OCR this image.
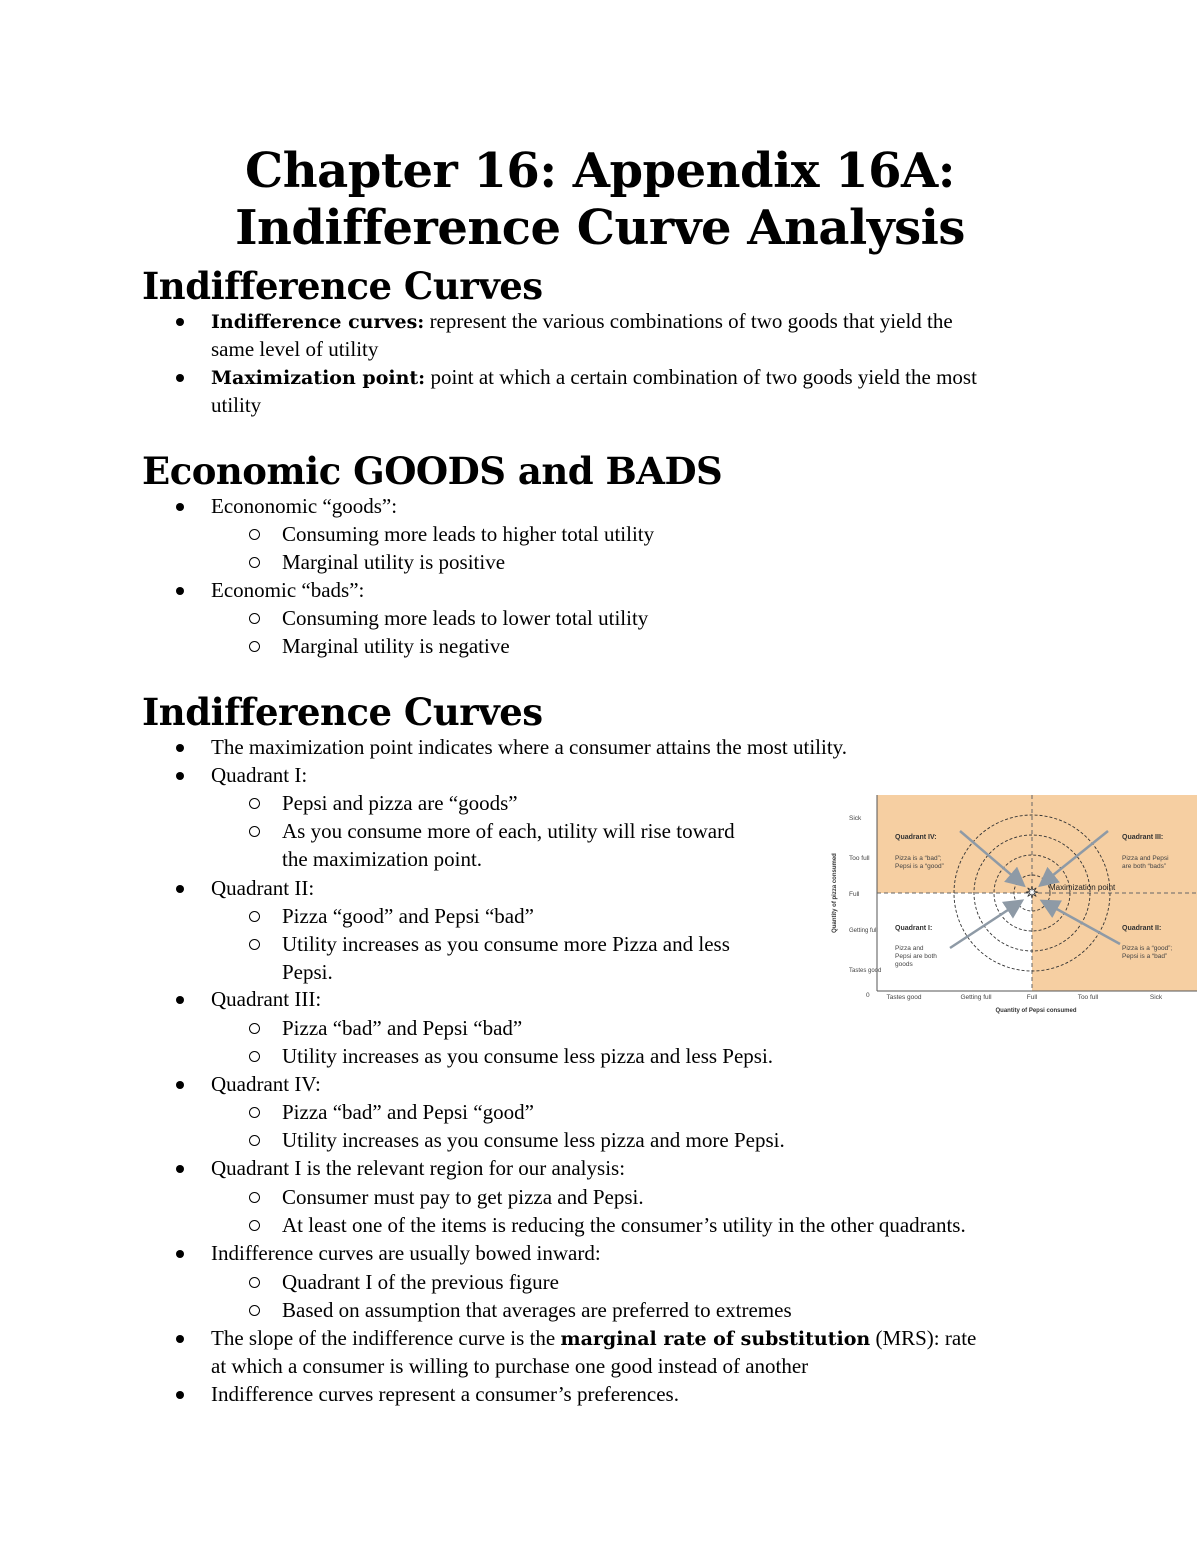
Chapter 16: Appendix 16A:
Indifference Curve Analysis
Indifference Curves
Indifference curves: represent the various combinations of two goods that yield the
same level of utility
Maximization point: point at which a certain combination of two goods yield the most
utility
Economic GOODS and BADS
Econonomic “goods”:
Consuming more leads to higher total utility
Marginal utility is positive
Economic “bads”:
Consuming more leads to lower total utility
Marginal utility is negative
Indifference Curves
The maximization point indicates where a consumer attains the most utility.
Quadrant I:
Pepsi and pizza are “goods”
As you consume more of each, utility will rise toward
the maximization point.
Quadrant II:
Pizza “good” and Pepsi “bad”
Utility increases as you consume more Pizza and less
Pepsi.
Quadrant III:
Pizza “bad” and Pepsi “bad”
Utility increases as you consume less pizza and less Pepsi.
Quadrant IV:
Pizza “bad” and Pepsi “good”
Utility increases as you consume less pizza and more Pepsi.
Quadrant I is the relevant region for our analysis:
Consumer must pay to get pizza and Pepsi.
At least one of the items is reducing the consumer’s utility in the other quadrants.
Indifference curves are usually bowed inward:
Quadrant I of the previous figure
Based on assumption that averages are preferred to extremes
The slope of the indifference curve is the marginal rate of substitution (MRS): rate
at which a consumer is willing to purchase one good instead of another
Indifference curves represent a consumer’s preferences.
✷ Maximization point
Quadrant IV:
Pizza is a “bad”;
Pepsi is a “good”
Quadrant III:
Pizza and Pepsi
are both “bads”
Quadrant I:
Pizza and
Pepsi are both
goods
Quadrant II:
Pizza is a “good”;
Pepsi is a “bad”
Sick
Too full
Full
Getting full
Tastes good
0
Quantity of pizza consumed
Tastes good	Getting full	Full	Too full	Sick
Quantity of Pepsi consumed
